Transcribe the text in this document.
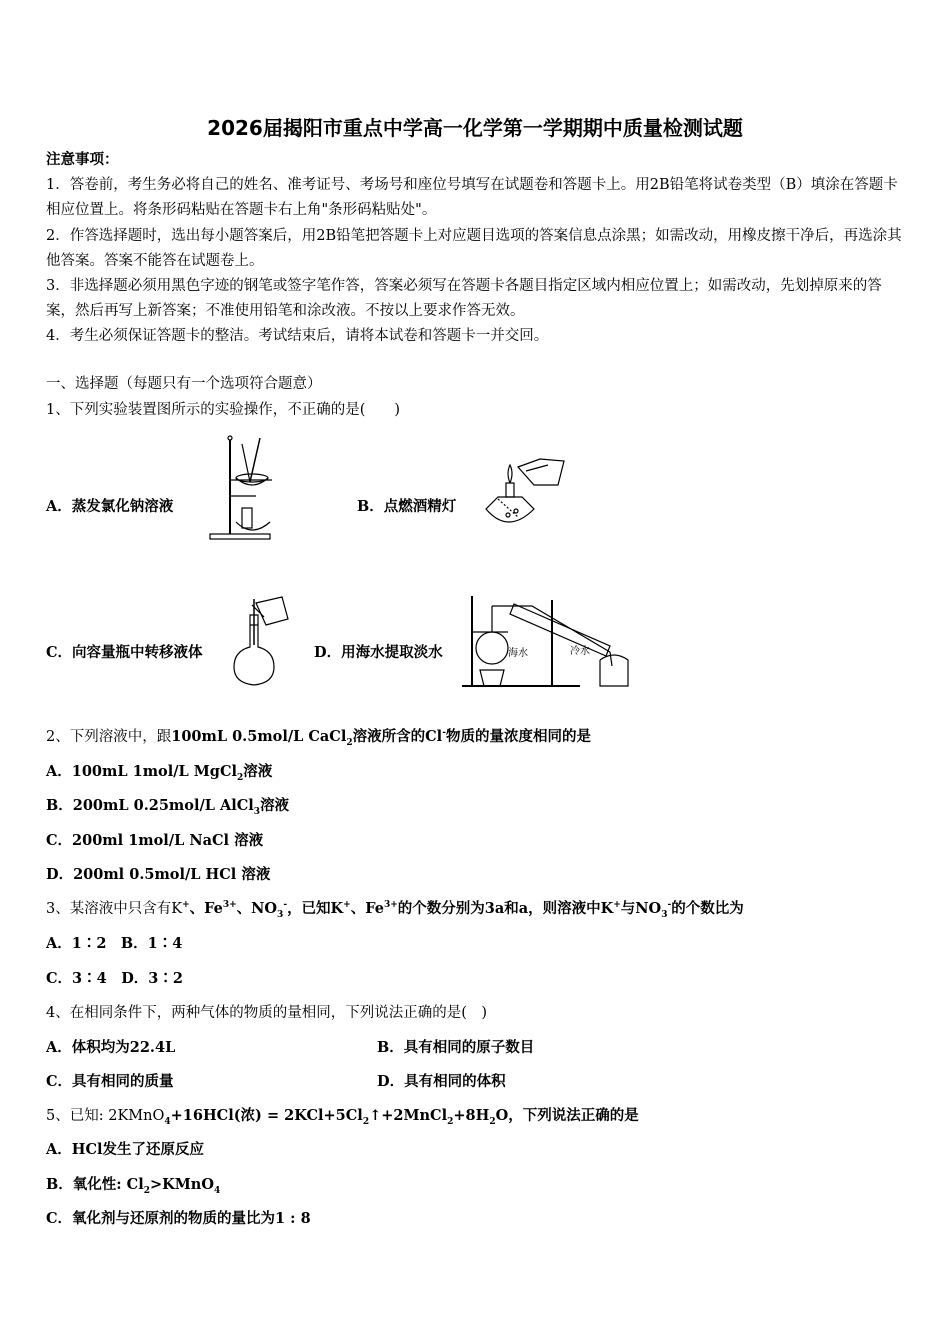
2026届揭阳市重点中学高一化学第一学期期中质量检测试题
注意事项：
1．答卷前，考生务必将自己的姓名、准考证号、考场号和座位号填写在试题卷和答题卡上。用2B铅笔将试卷类型（B）填涂在答题卡相应位置上。将条形码粘贴在答题卡右上角"条形码粘贴处"。
2．作答选择题时，选出每小题答案后，用2B铅笔把答题卡上对应题目选项的答案信息点涂黑；如需改动，用橡皮擦干净后，再选涂其他答案。答案不能答在试题卷上。
3．非选择题必须用黑色字迹的钢笔或签字笔作答，答案必须写在答题卡各题目指定区域内相应位置上；如需改动，先划掉原来的答案，然后再写上新答案；不准使用铅笔和涂改液。不按以上要求作答无效。
4．考生必须保证答题卡的整洁。考试结束后，请将本试卷和答题卡一并交回。
一、选择题（每题只有一个选项符合题意）
1、下列实验装置图所示的实验操作，不正确的是(　　)
A．蒸发氯化钠溶液	B．点燃酒精灯
C．向容量瓶中转移液体	D．用海水提取淡水	海水	冷水
2、下列溶液中，跟100mL 0.5mol/L CaCl$_2$溶液所含的Cl-物质的量浓度相同的是
A．100mL 1mol/L MgCl$_2$溶液
B．200mL 0.25mol/L AlCl$_3$溶液
C．200ml 1mol/L NaCl 溶液
D．200ml 0.5mol/L HCl 溶液
3、某溶液中只含有K+、$Fe^{3+}$、$NO_3^-$，已知K+、$Fe^{3+}$的个数分别为3a和a，则溶液中K+与$NO_3^-$的个数比为
A．1∶2　B．1∶4
C．3∶4　D．3∶2
4、在相同条件下，两种气体的物质的量相同，下列说法正确的是(　)
A．体积均为22.4L	B．具有相同的原子数目
C．具有相同的质量	D．具有相同的体积
5、已知: 2KMnO$_4$+16HCl(浓) = $2KCl+5Cl_2↑+2MnCl_2+8H_2O$，下列说法正确的是
A．HCl发生了还原反应
B．氧化性: $Cl_2>KMnO_4$
C．氧化剂与还原剂的物质的量比为1 : 8
